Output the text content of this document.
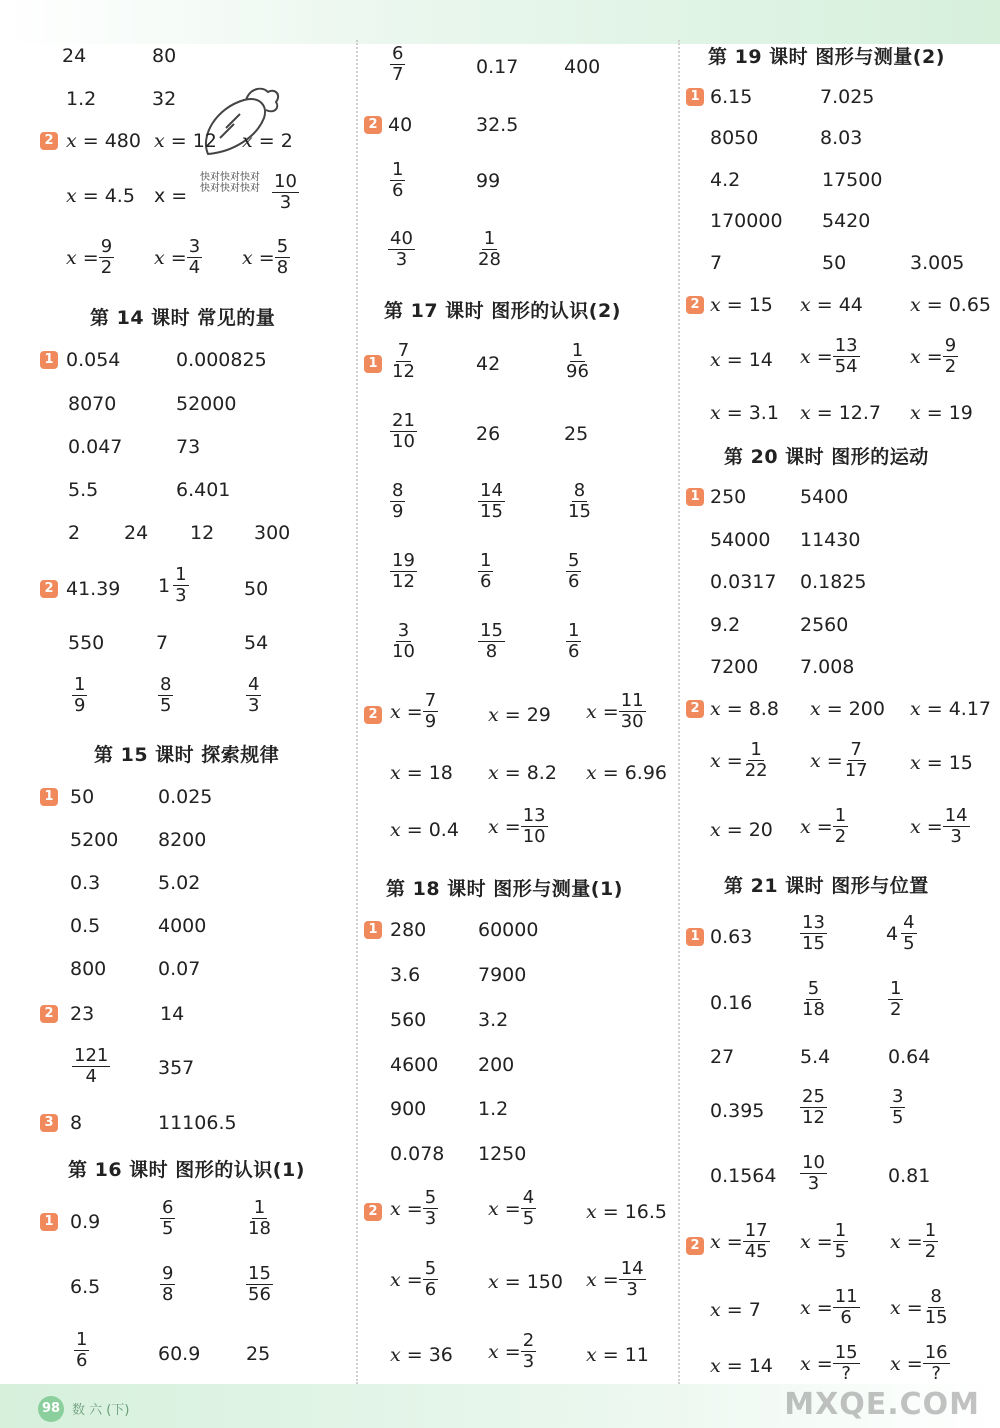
快对快对快对
快对快对快对
24	80
1.2	32
2 x = 480 x = 12 x = 2
x = 4.5 x =	$\frac{10}{3}$
$x = \frac{9}{2}$ $x = \frac{3}{4}$ $x = \frac{5}{8}$
第 14 课时 常见的量
1 0.054	0.000825
8070	52000
0.047	73
5.5	6.401
2 24 12 300
2 41.39 $1 \frac{1}{3}$	50
550	7	54
$\frac{1}{9}$	$\frac{8}{5}$	$\frac{4}{3}$
第 15 课时 探索规律
1 50	0.025
5200 8200
0.3	5.02
0.5	4000
800	0.07
2 23	14
$\frac{121}{4}$	357
3 8	11106.5
第 16 课时 图形的认识(1)
1 0.9	$\frac{6}{5}$	$\frac{1}{18}$
6.5	$\frac{9}{8}$	$\frac{15}{56}$
$\frac{1}{6}$	60.9 25
$\frac{6}{7}$	0.17 400
2 40	32.5
$\frac{1}{6}$	99
$\frac{40}{3}$	$\frac{1}{28}$
第 17 课时 图形的认识(2)
$1 \frac{7}{12}$	42	$\frac{1}{96}$
$\frac{21}{10}$	26	25
$\frac{8}{9}$	$\frac{14}{15}$	$\frac{8}{15}$
$\frac{19}{12}$	$\frac{1}{6}$	$\frac{5}{6}$
$\frac{3}{10}$	$\frac{15}{8}$	$\frac{1}{6}$
2 $x = \frac{7}{9}$	x = 29 $x = \frac{11}{30}$
x = 18 x = 8.2 x = 6.96
x = 0.4 $x = \frac{13}{10}$
第 18 课时 图形与测量(1)
1 280	60000
3.6	7900
560	3.2
4600 200
900	1.2
0.078 1250
2 $x = \frac{5}{3}$	$x = \frac{4}{5}$	x = 16.5
$x = \frac{5}{6}$	x = 150 $x = \frac{14}{3}$
x = 36 $x = \frac{2}{3}$	x = 11
第 19 课时 图形与测量(2)
1 6.15	7.025
8050	8.03
4.2	17500
170000 5420
7	50	3.005
2 x = 15 x = 44 x = 0.65
x = 14 $x = \frac{13}{54}$	$x = \frac{9}{2}$
x = 3.1 x = 12.7 x = 19
第 20 课时 图形的运动
1 250	5400
54000 11430
0.0317 0.1825
9.2	2560
7200 7.008
2 x = 8.8 x = 200 x = 4.17
$x = \frac{1}{22}$ $x = \frac{7}{17}$ x = 15
x = 20 $x = \frac{1}{2}$	$x = \frac{14}{3}$
第 21 课时 图形与位置
1 0.63	$\frac{13}{15}$	$4 \frac{4}{5}$
0.16	$\frac{5}{18}$	$\frac{1}{2}$
27	5.4	0.64
$0.395 \frac{25}{12}$	$\frac{3}{5}$
$0.1564 \frac{10}{3}$	0.81
2 $x = \frac{17}{45}$ $x = \frac{1}{5}$ $x = \frac{1}{2}$
x = 7 $x = \frac{11}{6}$ $x = \frac{8}{15}$
x = 14 $x = \frac{15}{?}$ $x = \frac{16}{?}$
98 数 六 (下)	MXQE.COM
